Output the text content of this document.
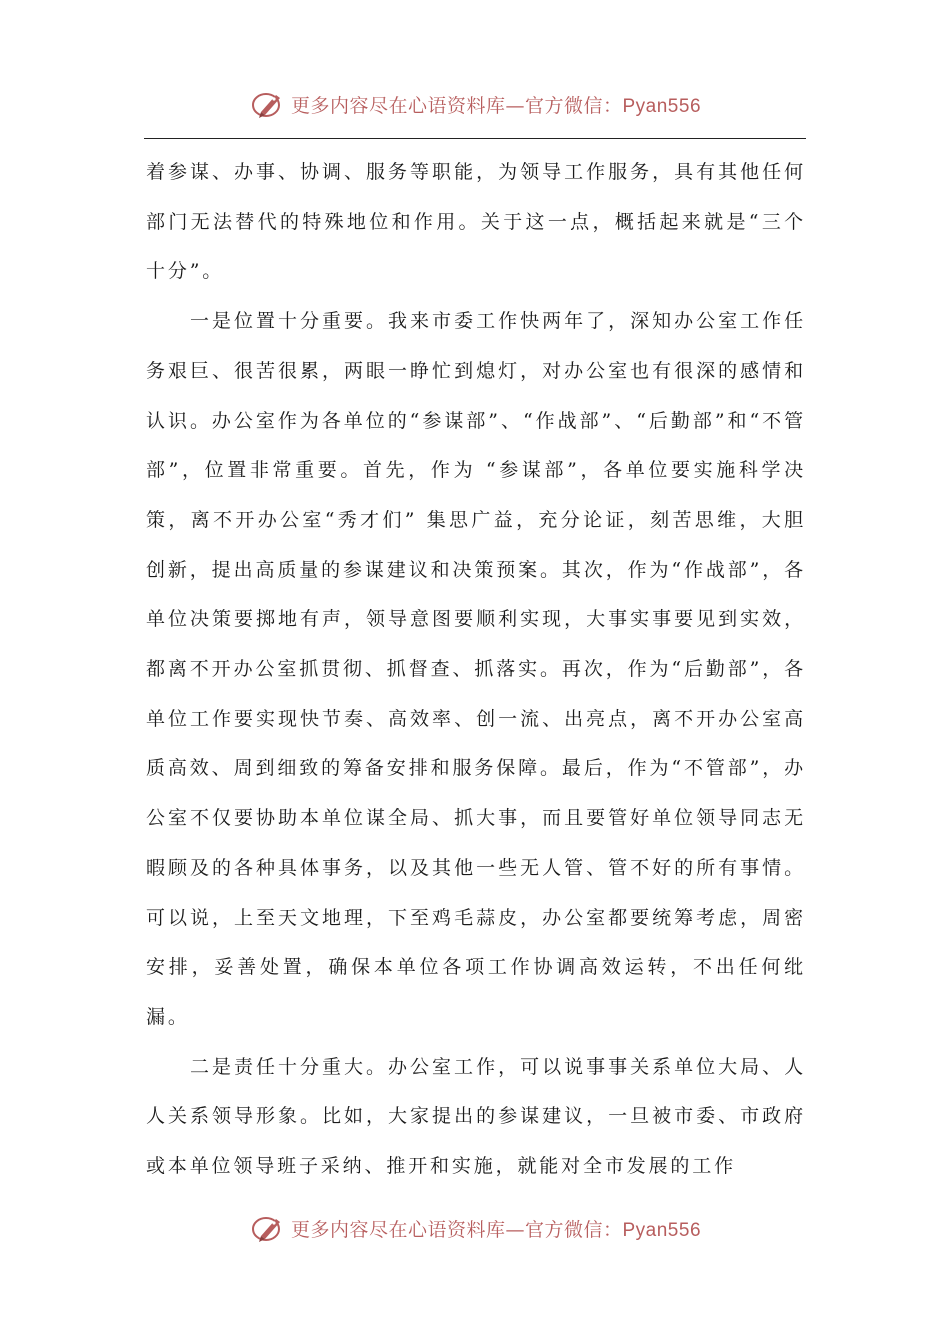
更多内容尽在心语资料库—官方微信：Pyan556

着参谋、办事、协调、服务等职能，为领导工作服务，具有其他任何部门无法替代的特殊地位和作用。关于这一点，概括起来就是“三个十分”。

一是位置十分重要。我来市委工作快两年了，深知办公室工作任务艰巨、很苦很累，两眼一睁忙到熄灯，对办公室也有很深的感情和认识。办公室作为各单位的“参谋部”、“作战部”、“后勤部”和“不管部”，位置非常重要。首先，作为 “参谋部”，各单位要实施科学决策，离不开办公室“秀才们” 集思广益，充分论证，刻苦思维，大胆创新，提出高质量的参谋建议和决策预案。其次，作为“作战部”，各单位决策要掷地有声，领导意图要顺利实现，大事实事要见到实效，都离不开办公室抓贯彻、抓督查、抓落实。再次，作为“后勤部”，各单位工作要实现快节奏、高效率、创一流、出亮点，离不开办公室高质高效、周到细致的筹备安排和服务保障。最后，作为“不管部”，办公室不仅要协助本单位谋全局、抓大事，而且要管好单位领导同志无暇顾及的各种具体事务，以及其他一些无人管、管不好的所有事情。可以说，上至天文地理，下至鸡毛蒜皮，办公室都要统筹考虑，周密安排，妥善处置，确保本单位各项工作协调高效运转，不出任何纰漏。

二是责任十分重大。办公室工作，可以说事事关系单位大局、人人关系领导形象。比如，大家提出的参谋建议，一旦被市委、市政府或本单位领导班子采纳、推开和实施，就能对全市发展的工作

更多内容尽在心语资料库—官方微信：Pyan556
